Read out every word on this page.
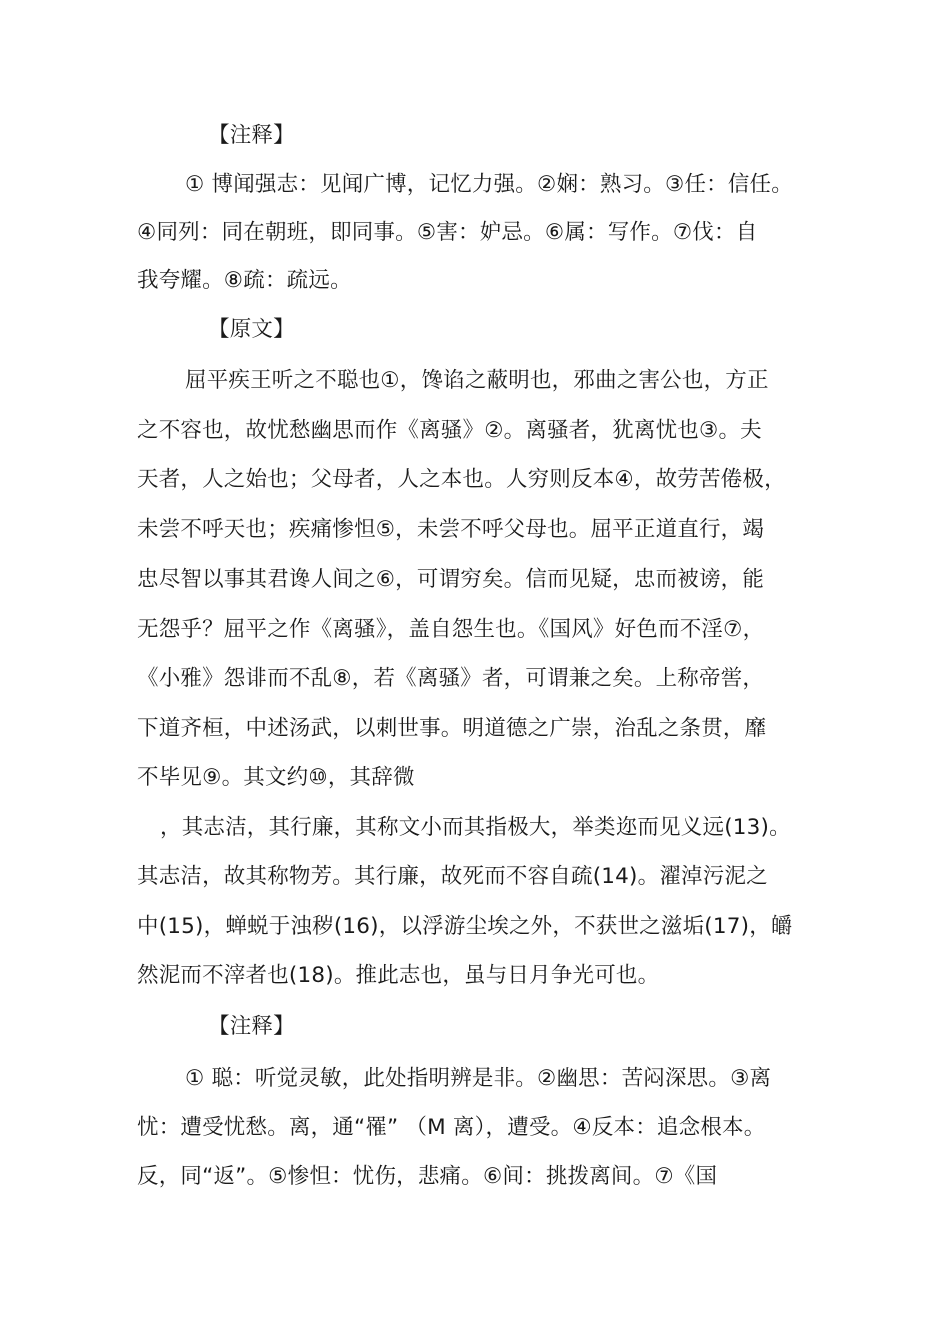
【注释】
① 博闻强志：见闻广博，记忆力强。②娴：熟习。③任：信任。
④同列：同在朝班，即同事。⑤害：妒忌。⑥属：写作。⑦伐：自
我夸耀。⑧疏：疏远。
【原文】
屈平疾王听之不聪也①，馋谄之蔽明也，邪曲之害公也，方正
之不容也，故忧愁幽思而作《离骚》②。离骚者，犹离忧也③。夫
天者，人之始也；父母者，人之本也。人穷则反本④，故劳苦倦极，
未尝不呼天也；疾痛惨怛⑤，未尝不呼父母也。屈平正道直行，竭
忠尽智以事其君谗人间之⑥，可谓穷矣。信而见疑，忠而被谤，能
无怨乎？屈平之作《离骚》，盖自怨生也。《国风》好色而不淫⑦，
《小雅》怨诽而不乱⑧，若《离骚》者，可谓兼之矣。上称帝喾，
下道齐桓，中述汤武，以刺世事。明道德之广崇，治乱之条贯，靡
不毕见⑨。其文约⑩，其辞微
，其志洁，其行廉，其称文小而其指极大，举类迩而见义远(13)。
其志洁，故其称物芳。其行廉，故死而不容自疏(14)。濯淖污泥之
中(15)，蝉蜕于浊秽(16)，以浮游尘埃之外，不获世之滋垢(17)，皭
然泥而不滓者也(18)。推此志也，虽与日月争光可也。
【注释】
① 聪：听觉灵敏，此处指明辨是非。②幽思：苦闷深思。③离
忧：遭受忧愁。离，通“罹” （M 离），遭受。④反本：追念根本。
反，同“返”。⑤惨怛：忧伤，悲痛。⑥间：挑拨离间。⑦《国
